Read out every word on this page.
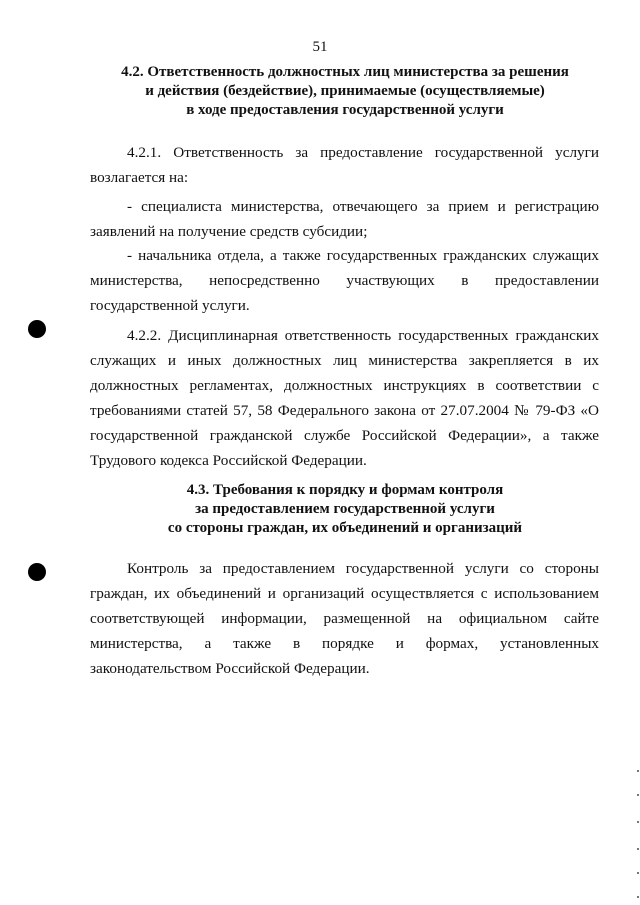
51
4.2. Ответственность должностных лиц министерства за решения
и действия (бездействие), принимаемые (осуществляемые)
в ходе предоставления государственной услуги
4.2.1. Ответственность за предоставление государственной услуги
возлагается на:
- специалиста министерства, отвечающего за прием и регистрацию
заявлений на получение средств субсидии;
- начальника отдела, а также государственных гражданских служащих
министерства, непосредственно участвующих в предоставлении
государственной услуги.
4.2.2. Дисциплинарная ответственность государственных гражданских
служащих и иных должностных лиц министерства закрепляется в их
должностных регламентах, должностных инструкциях в соответствии с
требованиями статей 57, 58 Федерального закона от 27.07.2004 № 79-ФЗ «О
государственной гражданской службе Российской Федерации», а также
Трудового кодекса Российской Федерации.
4.3. Требования к порядку и формам контроля
за предоставлением государственной услуги
со стороны граждан, их объединений и организаций
Контроль за предоставлением государственной услуги со стороны
граждан, их объединений и организаций осуществляется с использованием
соответствующей информации, размещенной на официальном сайте
министерства, а также в порядке и формах, установленных
законодательством Российской Федерации.
